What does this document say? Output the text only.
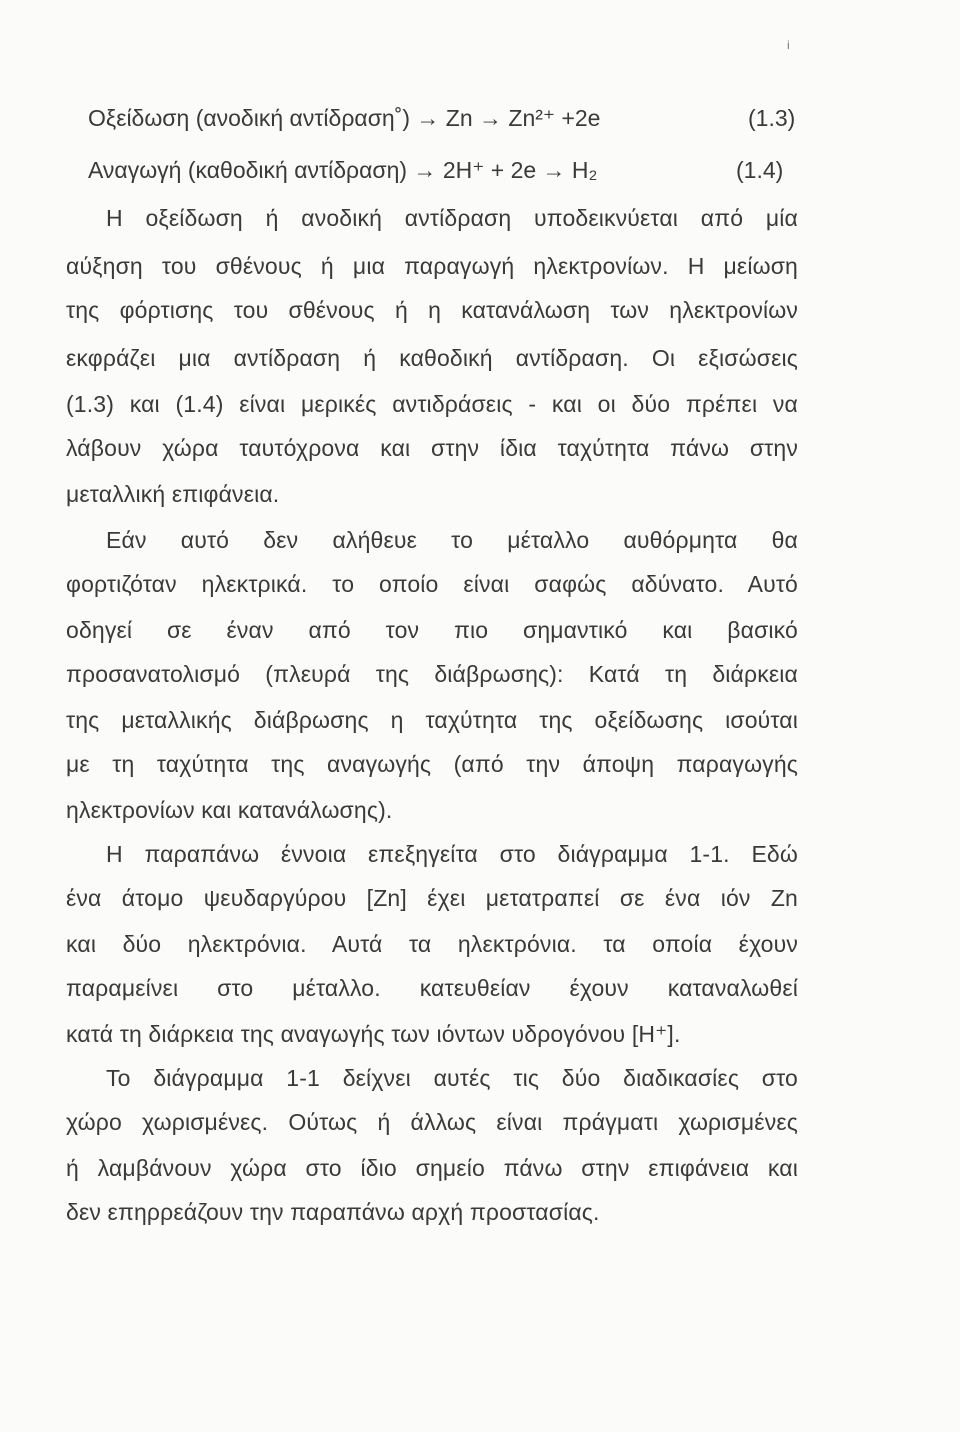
i
Οξείδωση (ανοδική αντίδραση˚) → Zn → Zn²⁺ +2e	(1.3)
Αναγωγή (καθοδική αντίδραση) → 2H⁺ + 2e → H₂	(1.4)
Η οξείδωση ή ανοδική αντίδραση υποδεικνύεται από μία
αύξηση του σθένους ή μια παραγωγή ηλεκτρονίων. Η μείωση
της φόρτισης του σθένους ή η κατανάλωση των ηλεκτρονίων
εκφράζει μια αντίδραση ή καθοδική αντίδραση. Οι εξισώσεις
(1.3) και (1.4) είναι μερικές αντιδράσεις - και οι δύο πρέπει να
λάβουν χώρα ταυτόχρονα και στην ίδια ταχύτητα πάνω στην
μεταλλική επιφάνεια.
Εάν αυτό δεν αλήθευε το μέταλλο αυθόρμητα θα
φορτιζόταν ηλεκτρικά. το οποίο είναι σαφώς αδύνατο. Αυτό
οδηγεί σε έναν από τον πιο σημαντικό και βασικό
προσανατολισμό (πλευρά της διάβρωσης): Κατά τη διάρκεια
της μεταλλικής διάβρωσης η ταχύτητα της οξείδωσης ισούται
με τη ταχύτητα της αναγωγής (από την άποψη παραγωγής
ηλεκτρονίων και κατανάλωσης).
Η παραπάνω έννοια επεξηγείτα στο διάγραμμα 1-1. Εδώ
ένα άτομο ψευδαργύρου [Zn] έχει μετατραπεί σε ένα ιόν Zn
και δύο ηλεκτρόνια. Αυτά τα ηλεκτρόνια. τα οποία έχουν
παραμείνει στο μέταλλο. κατευθείαν έχουν καταναλωθεί
κατά τη διάρκεια της αναγωγής των ιόντων υδρογόνου [H⁺].
Το διάγραμμα 1-1 δείχνει αυτές τις δύο διαδικασίες στο
χώρο χωρισμένες. Ούτως ή άλλως είναι πράγματι χωρισμένες
ή λαμβάνουν χώρα στο ίδιο σημείο πάνω στην επιφάνεια και
δεν επηρρεάζουν την παραπάνω αρχή προστασίας.
